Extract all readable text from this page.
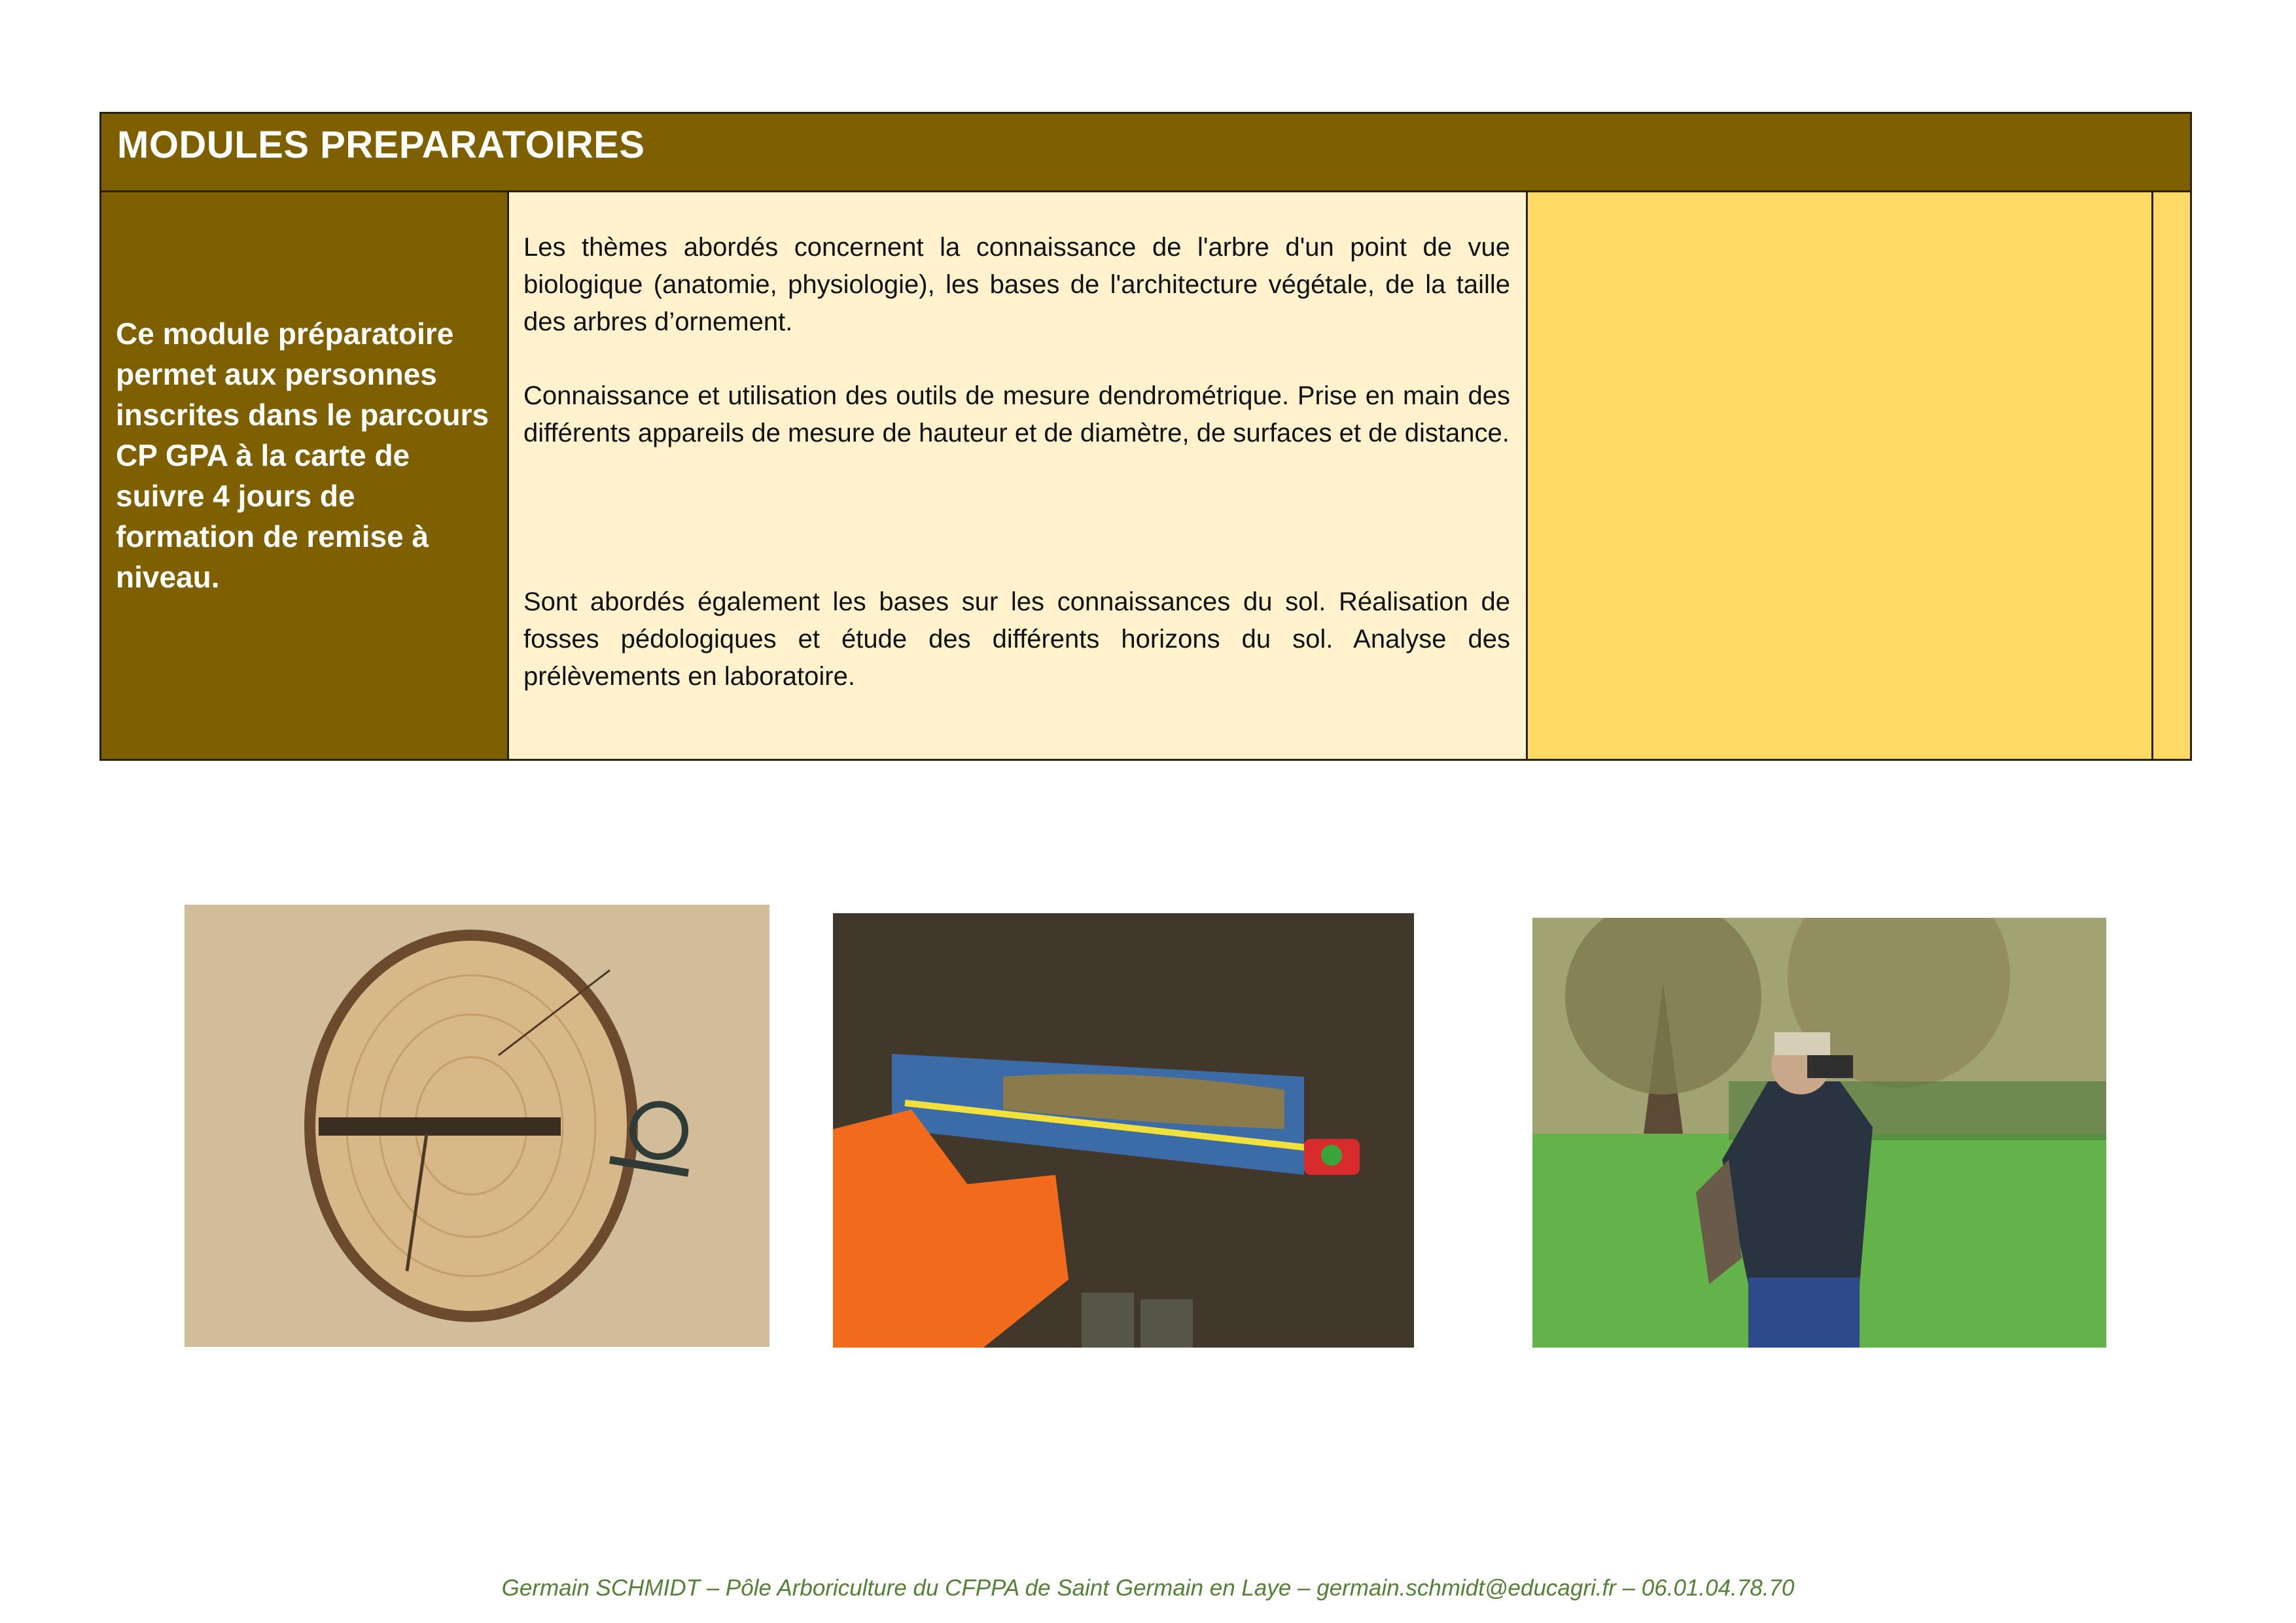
MODULES PREPARATOIRES

Ce module préparatoire permet aux personnes inscrites dans le parcours CP GPA à la carte de suivre 4 jours de formation de remise à niveau.

Les thèmes abordés concernent la connaissance de l'arbre d'un point de vue biologique (anatomie, physiologie), les bases de l'architecture végétale, de la taille des arbres d’ornement.

Connaissance et utilisation des outils de mesure dendrométrique. Prise en main des différents appareils de mesure de hauteur et de diamètre, de surfaces et de distance.

Sont abordés également les bases sur les connaissances du sol. Réalisation de fosses pédologiques et étude des différents horizons du sol. Analyse des prélèvements en laboratoire.

Germain SCHMIDT – Pôle Arboriculture du CFPPA de Saint Germain en Laye – germain.schmidt@educagri.fr – 06.01.04.78.70
